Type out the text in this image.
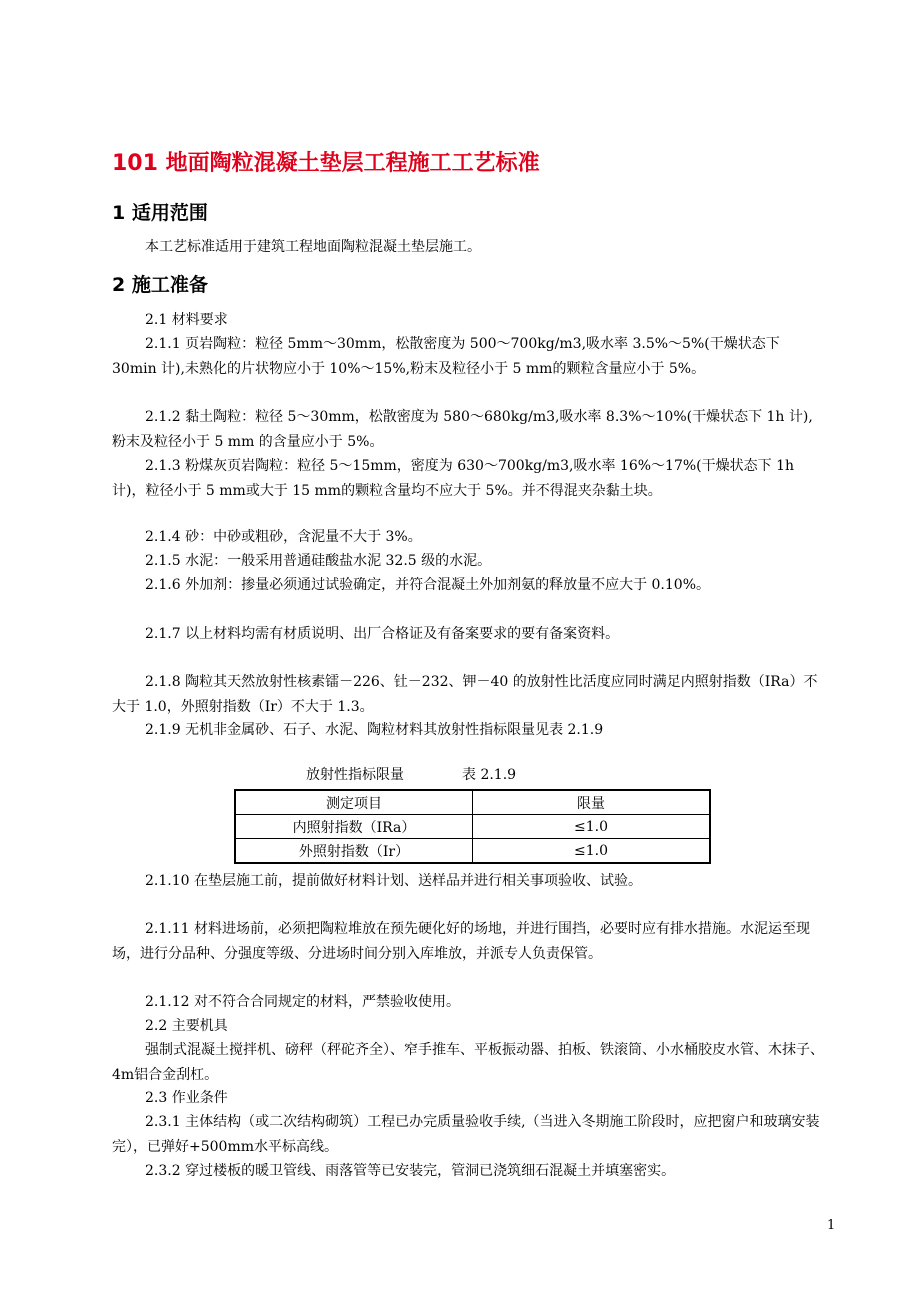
101 地面陶粒混凝土垫层工程施工工艺标准
1 适用范围
本工艺标准适用于建筑工程地面陶粒混凝土垫层施工。
2 施工准备
2.1 材料要求
2.1.1 页岩陶粒：粒径 5mm～30mm，松散密度为 500～700kg/m3,吸水率 3.5%～5%(干燥状态下30min 计),未熟化的片状物应小于 10%～15%,粉末及粒径小于 5 mm的颗粒含量应小于 5%。
2.1.2 黏土陶粒：粒径 5～30mm，松散密度为 580～680kg/m3,吸水率 8.3%～10%(干燥状态下 1h 计),粉末及粒径小于 5 mm 的含量应小于 5%。
2.1.3 粉煤灰页岩陶粒：粒径 5～15mm，密度为 630～700kg/m3,吸水率 16%～17%(干燥状态下 1h 计)，粒径小于 5 mm或大于 15 mm的颗粒含量均不应大于 5%。并不得混夹杂黏土块。
2.1.4 砂：中砂或粗砂，含泥量不大于 3%。
2.1.5 水泥：一般采用普通硅酸盐水泥 32.5 级的水泥。
2.1.6 外加剂：掺量必须通过试验确定，并符合混凝土外加剂氨的释放量不应大于 0.10%。
2.1.7 以上材料均需有材质说明、出厂合格证及有备案要求的要有备案资料。
2.1.8 陶粒其天然放射性核素镭－226、钍－232、钾－40 的放射性比活度应同时满足内照射指数（ⅠRa）不大于 1.0，外照射指数（Ⅰr）不大于 1.3。
2.1.9 无机非金属砂、石子、水泥、陶粒材料其放射性指标限量见表 2.1.9
放射性指标限量	表 2.1.9
测定项目	限量
内照射指数（ⅠRa）	≤1.0
外照射指数（Ⅰr）	≤1.0
2.1.10 在垫层施工前，提前做好材料计划、送样品并进行相关事项验收、试验。
2.1.11 材料进场前，必须把陶粒堆放在预先硬化好的场地，并进行围挡，必要时应有排水措施。水泥运至现场，进行分品种、分强度等级、分进场时间分别入库堆放，并派专人负责保管。
2.1.12 对不符合合同规定的材料，严禁验收使用。
2.2 主要机具
强制式混凝土搅拌机、磅秤（秤砣齐全）、窄手推车、平板振动器、拍板、铁滚筒、小水桶胶皮水管、木抹子、4m铝合金刮杠。
2.3 作业条件
2.3.1 主体结构（或二次结构砌筑）工程已办完质量验收手续,（当进入冬期施工阶段时，应把窗户和玻璃安装完），已弹好+500mm水平标高线。
2.3.2 穿过楼板的暖卫管线、雨落管等已安装完，管洞已浇筑细石混凝土并填塞密实。
1
